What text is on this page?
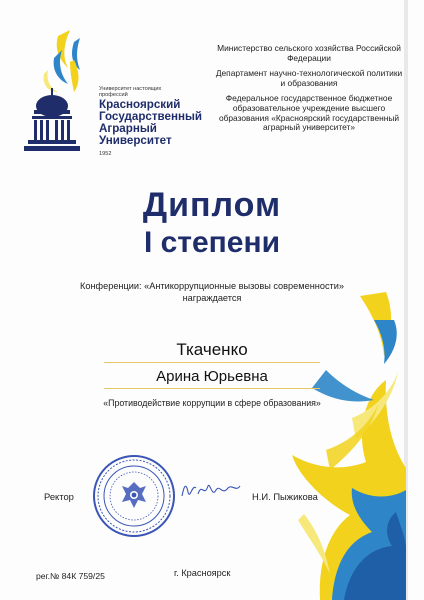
Университет настоящих профессий
Красноярский
Государственный
Аграрный
Университет
1952
Министерство сельского хозяйства Российской Федерации
Департамент научно-технологической политики и образования
Федеральное государственное бюджетное образовательное учреждение высшего образования «Красноярский государственный аграрный университет»
Диплом
I степени
Конференции: «Антикоррупционные вызовы современности»
награждается
Ткаченко
Арина Юрьевна
«Противодействие коррупции в сфере образования»
Ректор	Н.И. Пыжикова
рег.№ 84К 759/25	г. Красноярск
